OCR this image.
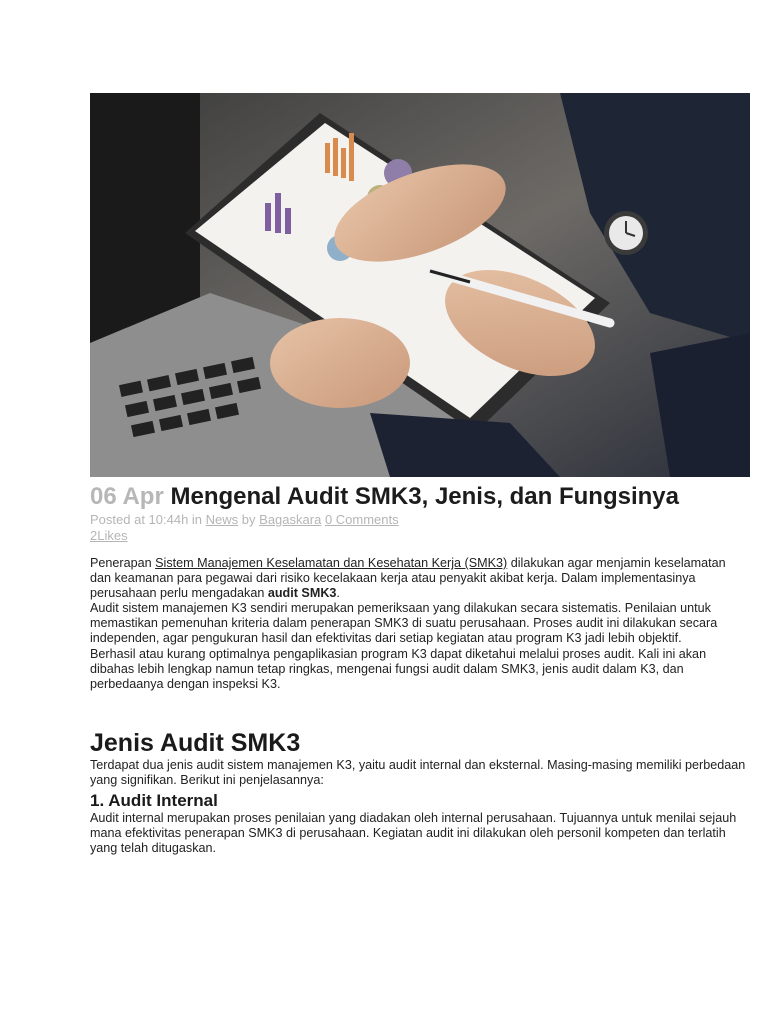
06 Apr Mengenal Audit SMK3, Jenis, dan Fungsinya
Posted at 10:44h in News by Bagaskara 0 Comments
2Likes

Penerapan Sistem Manajemen Keselamatan dan Kesehatan Kerja (SMK3) dilakukan agar menjamin keselamatan dan keamanan para pegawai dari risiko kecelakaan kerja atau penyakit akibat kerja. Dalam implementasinya perusahaan perlu mengadakan audit SMK3.

Audit sistem manajemen K3 sendiri merupakan pemeriksaan yang dilakukan secara sistematis. Penilaian untuk memastikan pemenuhan kriteria dalam penerapan SMK3 di suatu perusahaan. Proses audit ini dilakukan secara independen, agar pengukuran hasil dan efektivitas dari setiap kegiatan atau program K3 jadi lebih objektif.

Berhasil atau kurang optimalnya pengaplikasian program K3 dapat diketahui melalui proses audit. Kali ini akan dibahas lebih lengkap namun tetap ringkas, mengenai fungsi audit dalam SMK3, jenis audit dalam K3, dan perbedaanya dengan inspeksi K3.

Jenis Audit SMK3

Terdapat dua jenis audit sistem manajemen K3, yaitu audit internal dan eksternal. Masing-masing memiliki perbedaan yang signifikan. Berikut ini penjelasannya:

1. Audit Internal

Audit internal merupakan proses penilaian yang diadakan oleh internal perusahaan. Tujuannya untuk menilai sejauh mana efektivitas penerapan SMK3 di perusahaan. Kegiatan audit ini dilakukan oleh personil kompeten dan terlatih yang telah ditugaskan.
